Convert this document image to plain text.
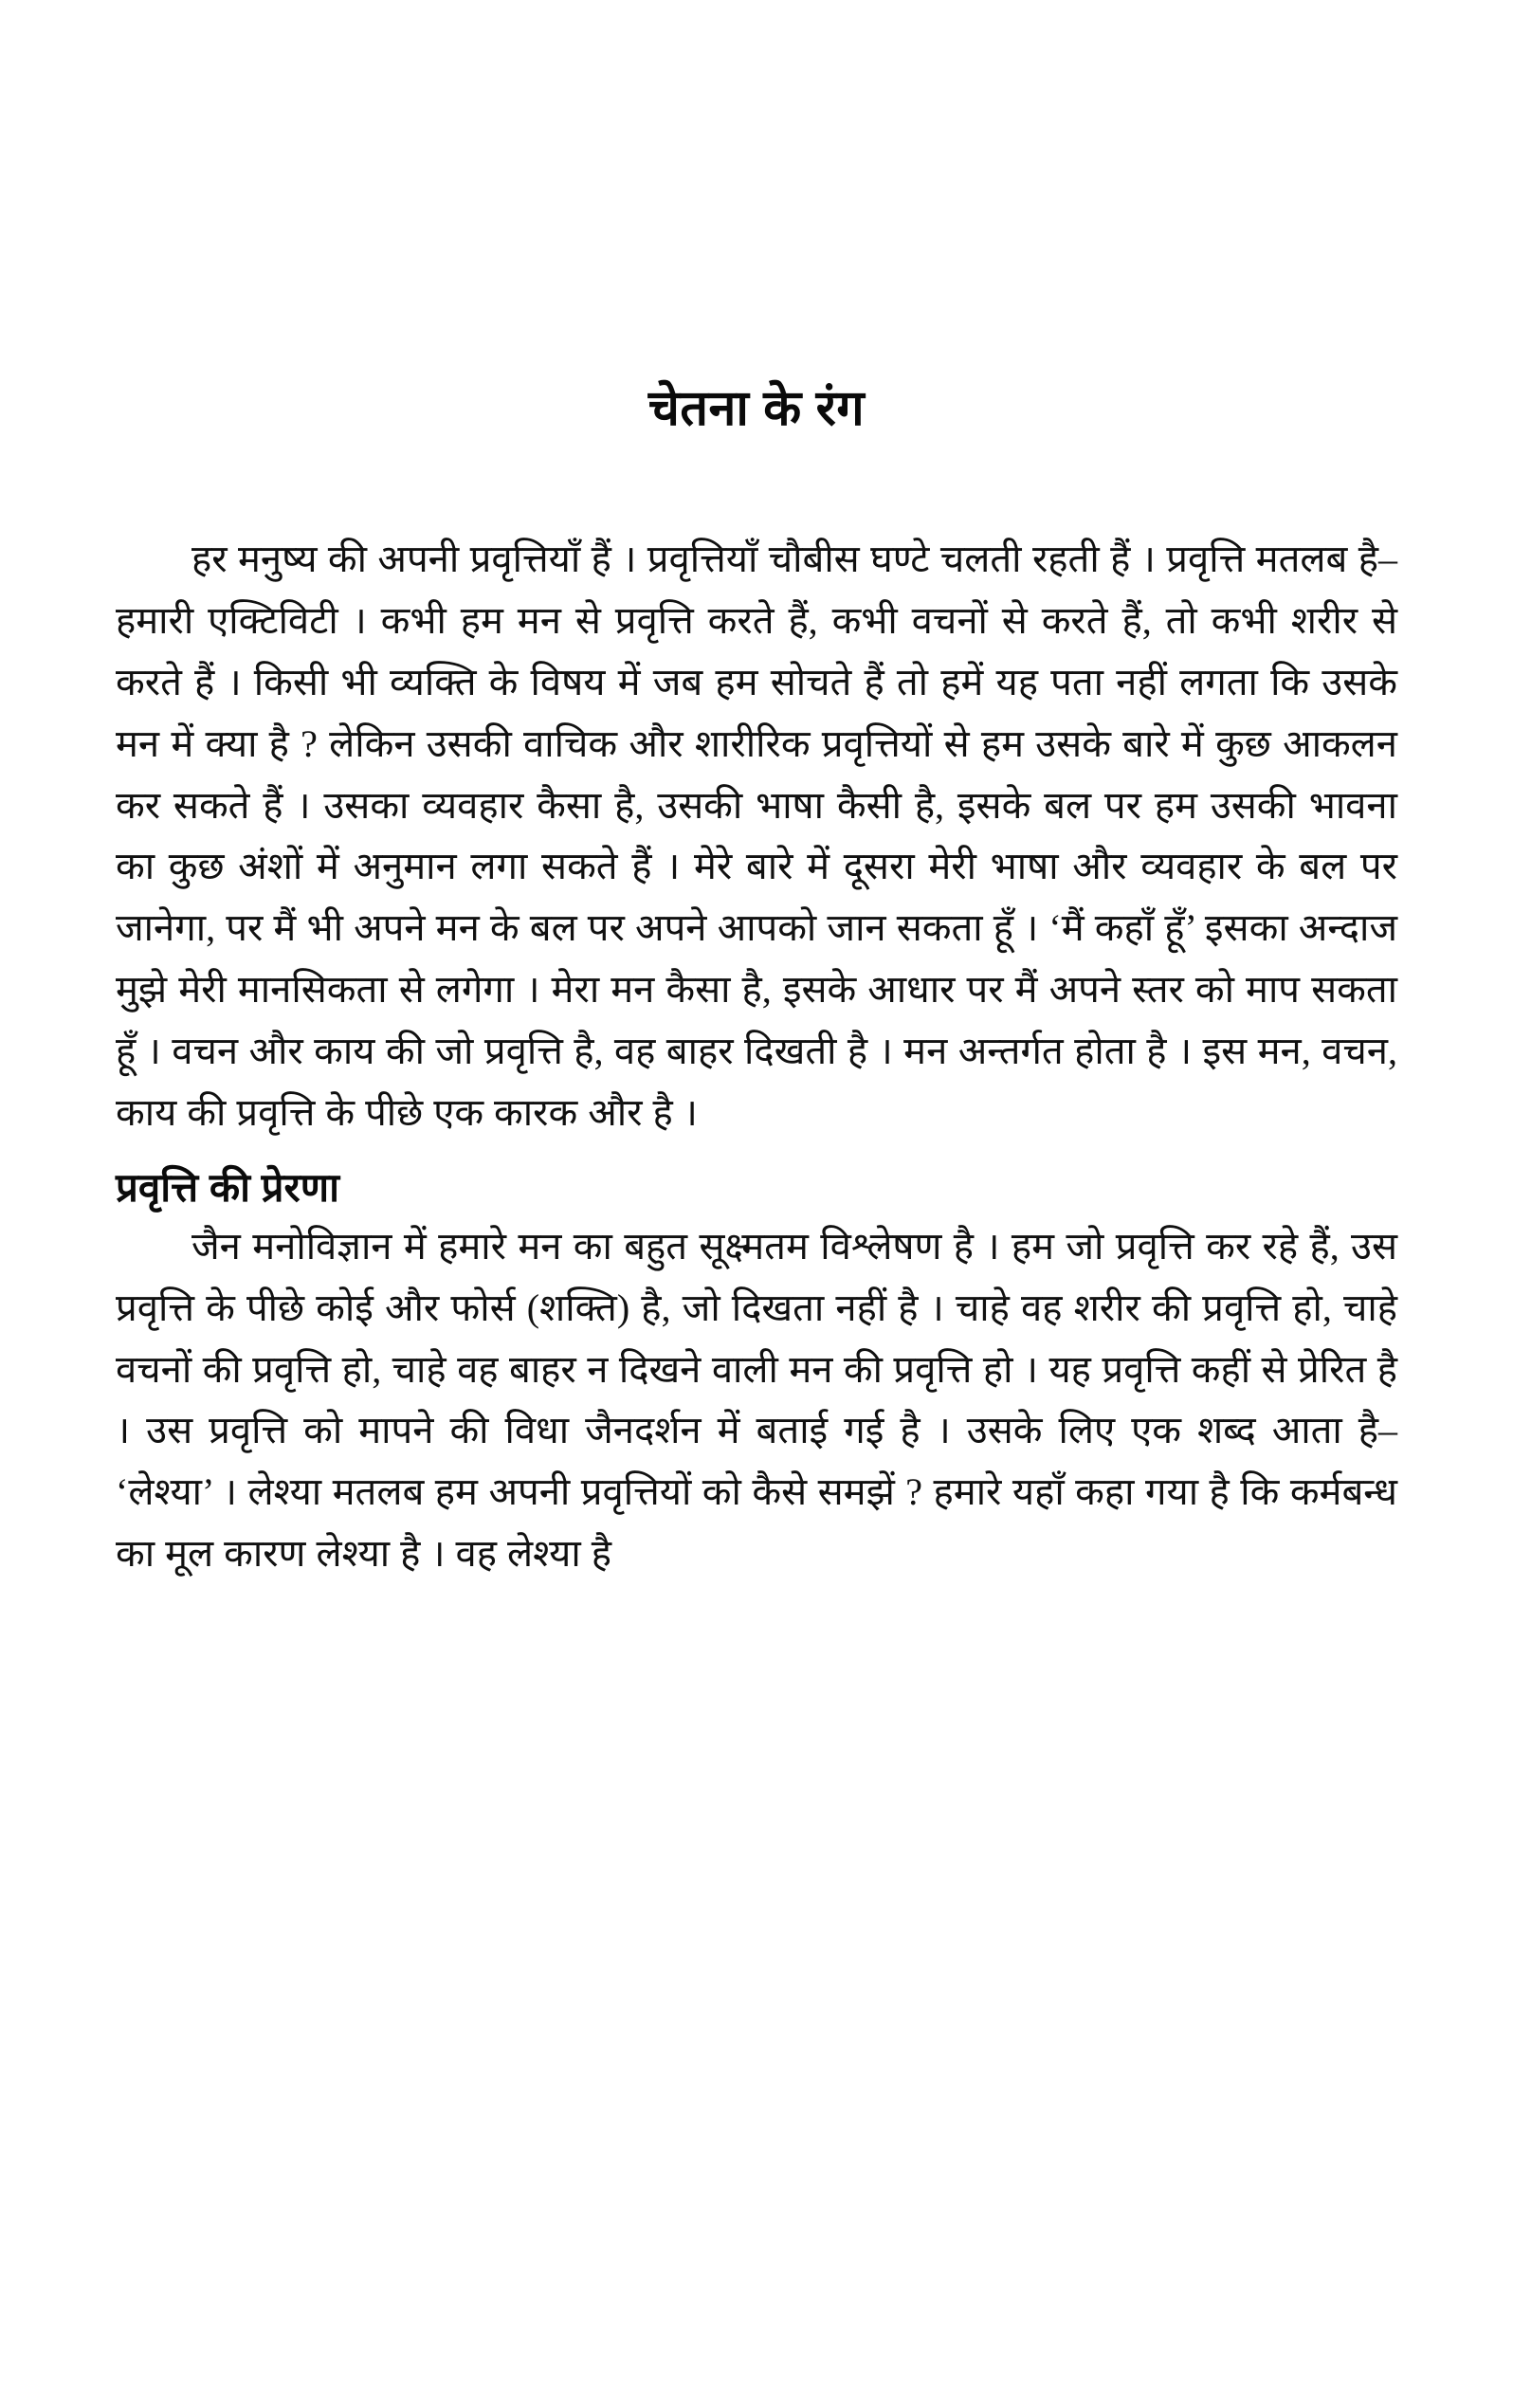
चेतना के रंग

हर मनुष्य की अपनी प्रवृत्तियाँ हैं । प्रवृत्तियाँ चौबीस घण्टे चलती रहती हैं । प्रवृत्ति मतलब है– हमारी एक्टिविटी । कभी हम मन से प्रवृत्ति करते हैं, कभी वचनों से करते हैं, तो कभी शरीर से करते हैं । किसी भी व्यक्ति के विषय में जब हम सोचते हैं तो हमें यह पता नहीं लगता कि उसके मन में क्या है ? लेकिन उसकी वाचिक और शारीरिक प्रवृत्तियों से हम उसके बारे में कुछ आकलन कर सकते हैं । उसका व्यवहार कैसा है, उसकी भाषा कैसी है, इसके बल पर हम उसकी भावना का कुछ अंशों में अनुमान लगा सकते हैं । मेरे बारे में दूसरा मेरी भाषा और व्यवहार के बल पर जानेगा, पर मैं भी अपने मन के बल पर अपने आपको जान सकता हूँ । ‘मैं कहाँ हूँ’ इसका अन्दाज मुझे मेरी मानसिकता से लगेगा । मेरा मन कैसा है, इसके आधार पर मैं अपने स्तर को माप सकता हूँ । वचन और काय की जो प्रवृत्ति है, वह बाहर दिखती है । मन अन्तर्गत होता है । इस मन, वचन, काय की प्रवृत्ति के पीछे एक कारक और है ।

प्रवृत्ति की प्रेरणा

जैन मनोविज्ञान में हमारे मन का बहुत सूक्ष्मतम विश्लेषण है । हम जो प्रवृत्ति कर रहे हैं, उस प्रवृत्ति के पीछे कोई और फोर्स (शक्ति) है, जो दिखता नहीं है । चाहे वह शरीर की प्रवृत्ति हो, चाहे वचनों की प्रवृत्ति हो, चाहे वह बाहर न दिखने वाली मन की प्रवृत्ति हो । यह प्रवृत्ति कहीं से प्रेरित है । उस प्रवृत्ति को मापने की विधा जैनदर्शन में बताई गई है । उसके लिए एक शब्द आता है– ‘लेश्या’ । लेश्या मतलब हम अपनी प्रवृत्तियों को कैसे समझें ? हमारे यहाँ कहा गया है कि कर्मबन्ध का मूल कारण लेश्या है । वह लेश्या है
